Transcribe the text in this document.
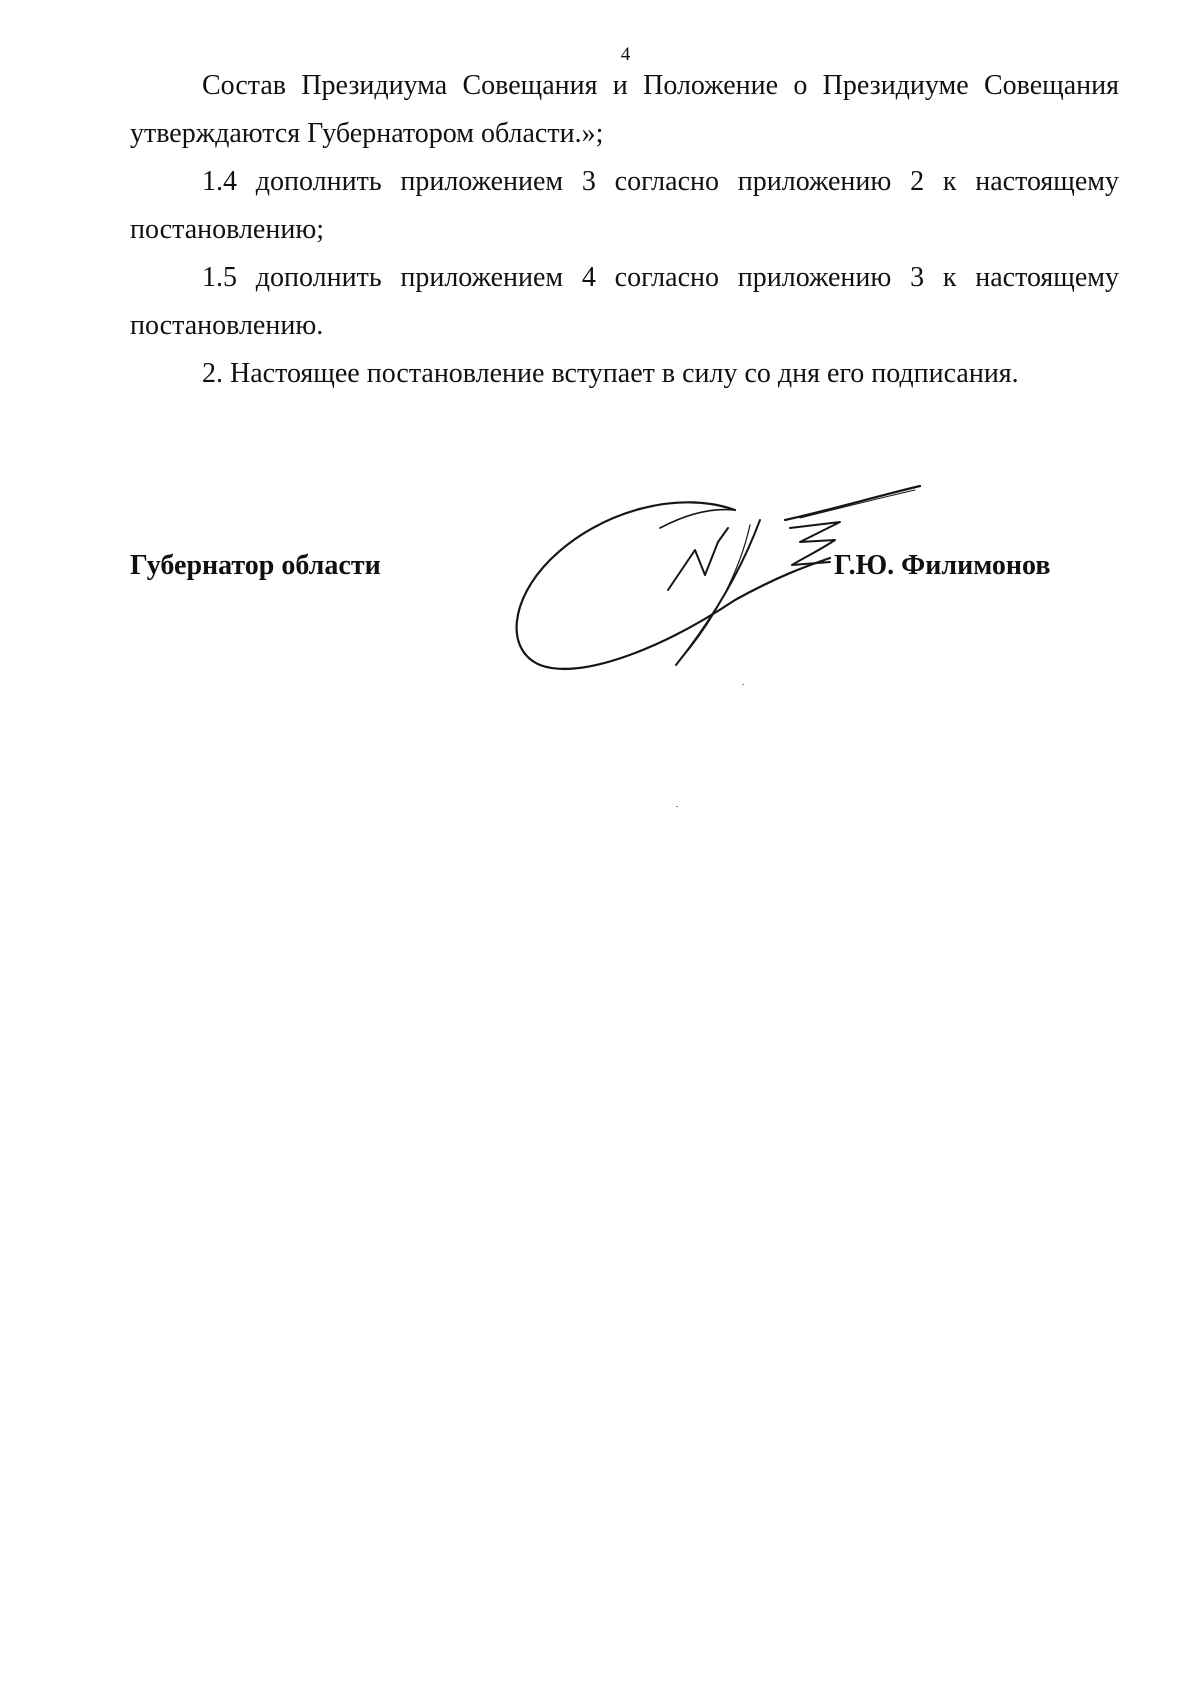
4

Состав Президиума Совещания и Положение о Президиуме Совещания утверждаются Губернатором области.»;

1.4 дополнить приложением 3 согласно приложению 2 к настоящему постановлению;

1.5 дополнить приложением 4 согласно приложению 3 к настоящему постановлению.

2. Настоящее постановление вступает в силу со дня его подписания.

Губернатор области	Г.Ю. Филимонов
